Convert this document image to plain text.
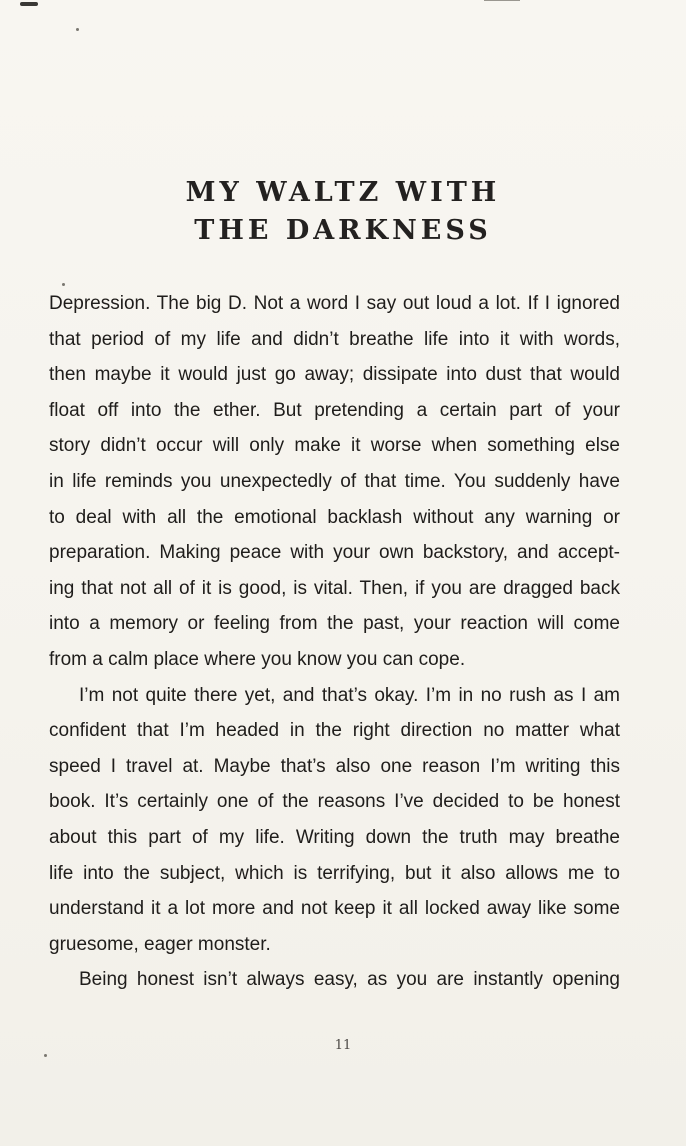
MY WALTZ WITH
THE DARKNESS
Depression. The big D. Not a word I say out loud a lot. If I ignored
that period of my life and didn’t breathe life into it with words,
then maybe it would just go away; dissipate into dust that would
float off into the ether. But pretending a certain part of your
story didn’t occur will only make it worse when something else
in life reminds you unexpectedly of that time. You suddenly have
to deal with all the emotional backlash without any warning or
preparation. Making peace with your own backstory, and accept-
ing that not all of it is good, is vital. Then, if you are dragged back
into a memory or feeling from the past, your reaction will come
from a calm place where you know you can cope.
I’m not quite there yet, and that’s okay. I’m in no rush as I am
confident that I’m headed in the right direction no matter what
speed I travel at. Maybe that’s also one reason I’m writing this
book. It’s certainly one of the reasons I’ve decided to be honest
about this part of my life. Writing down the truth may breathe
life into the subject, which is terrifying, but it also allows me to
understand it a lot more and not keep it all locked away like some
gruesome, eager monster.
Being honest isn’t always easy, as you are instantly opening
11
